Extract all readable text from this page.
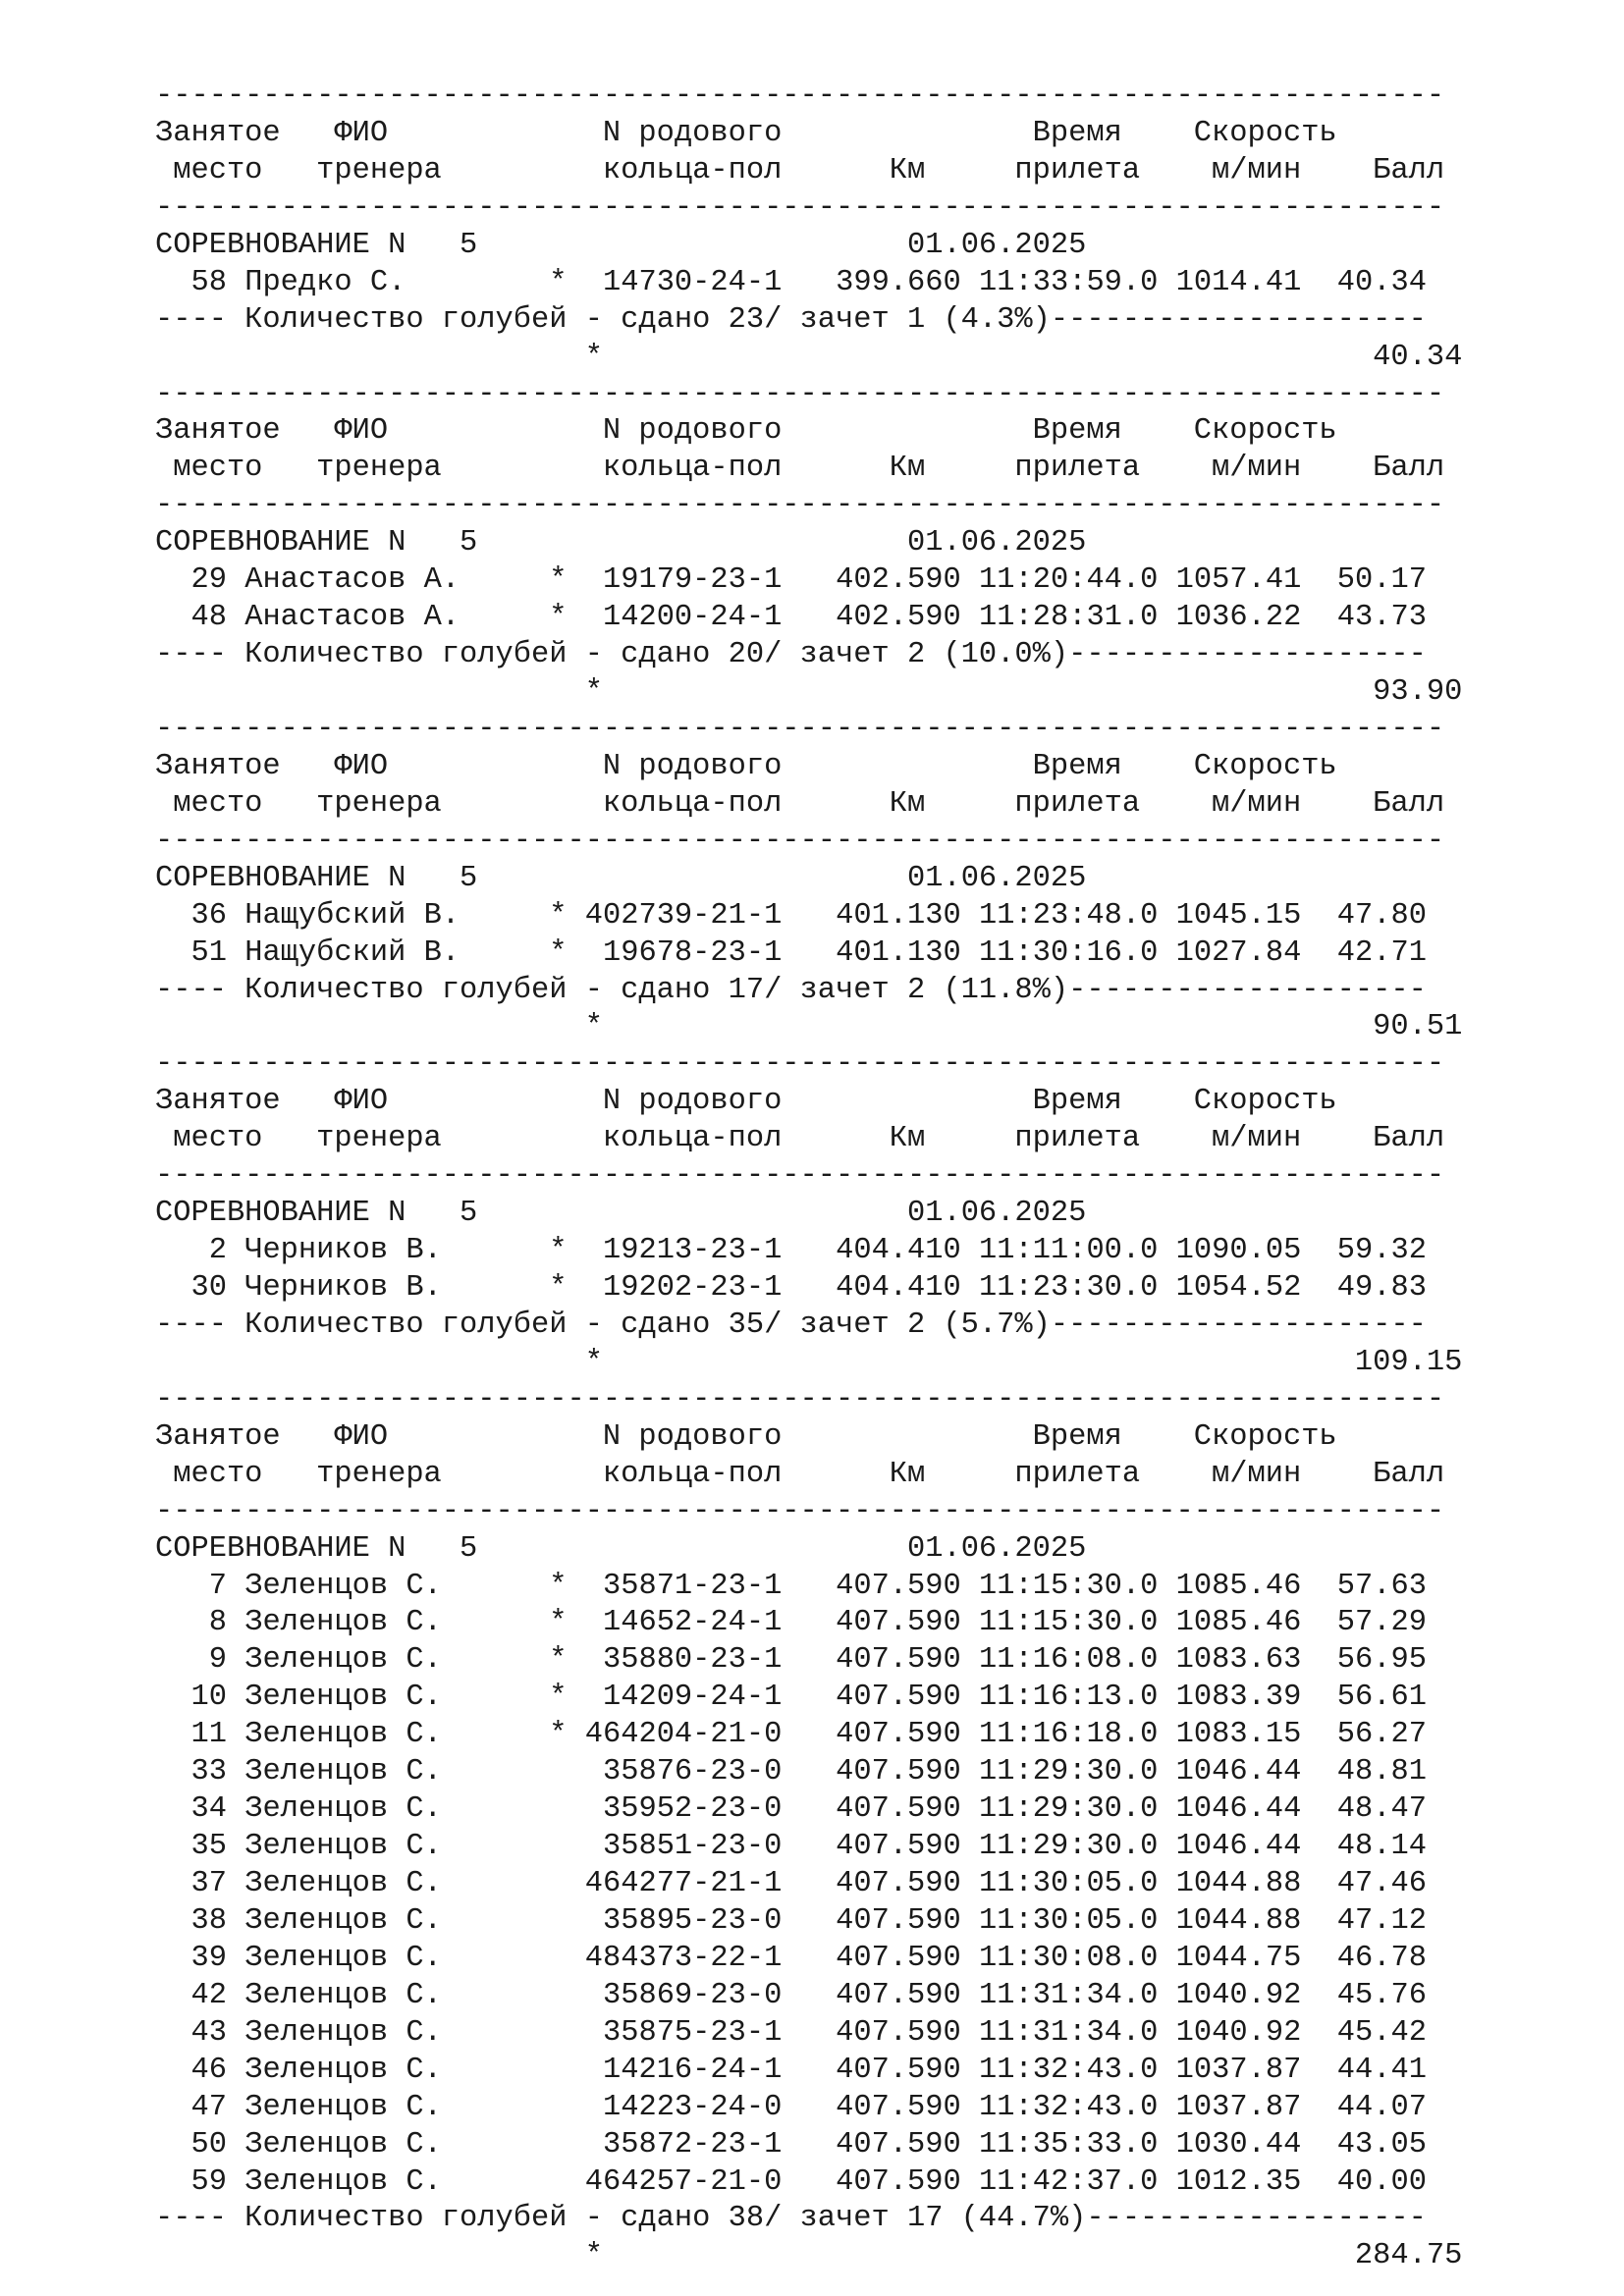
------------------------------------------------------------------------
Занятое   ФИО            N родового              Время    Скорость
место   тренера         кольца-пол      Км     прилета    м/мин    Балл
------------------------------------------------------------------------
СОРЕВНОВАНИЕ N   5	01.06.2025
58 Предко С.        *  14730-24-1   399.660 11:33:59.0 1014.41 40.34
---- Количество голубей - сдано 23/ зачет 1 (4.3%)---------------------
*                                           40.34
------------------------------------------------------------------------
Занятое   ФИО            N родового              Время    Скорость
место   тренера         кольца-пол      Км     прилета    м/мин    Балл
------------------------------------------------------------------------
СОРЕВНОВАНИЕ N   5	01.06.2025
29 Анастасов А.     *  19179-23-1   402.590 11:20:44.0 1057.41 50.17
48 Анастасов А.     *  14200-24-1   402.590 11:28:31.0 1036.22 43.73
---- Количество голубей - сдано 20/ зачет 2 (10.0%)--------------------
*                                           93.90
------------------------------------------------------------------------
Занятое   ФИО            N родового              Время    Скорость
место   тренера         кольца-пол      Км     прилета    м/мин    Балл
------------------------------------------------------------------------
СОРЕВНОВАНИЕ N   5	01.06.2025
36 Нащубский В.     * 402739-21-1   401.130 11:23:48.0 1045.15 47.80
51 Нащубский В.     *  19678-23-1   401.130 11:30:16.0 1027.84 42.71
---- Количество голубей - сдано 17/ зачет 2 (11.8%)--------------------
*                                           90.51
------------------------------------------------------------------------
Занятое   ФИО            N родового              Время    Скорость
место   тренера         кольца-пол      Км     прилета    м/мин    Балл
------------------------------------------------------------------------
СОРЕВНОВАНИЕ N   5	01.06.2025
2 Черников В.      *  19213-23-1   404.410 11:11:00.0 1090.05 59.32
30 Черников В.      *  19202-23-1   404.410 11:23:30.0 1054.52 49.83
---- Количество голубей - сдано 35/ зачет 2 (5.7%)---------------------
*                                          109.15
------------------------------------------------------------------------
Занятое   ФИО            N родового              Время    Скорость
место   тренера         кольца-пол      Км     прилета    м/мин    Балл
------------------------------------------------------------------------
СОРЕВНОВАНИЕ N   5	01.06.2025
7 Зеленцов С.      *  35871-23-1   407.590 11:15:30.0 1085.46 57.63
8 Зеленцов С.      *  14652-24-1   407.590 11:15:30.0 1085.46 57.29
9 Зеленцов С.      *  35880-23-1   407.590 11:16:08.0 1083.63 56.95
10 Зеленцов С.      *  14209-24-1   407.590 11:16:13.0 1083.39 56.61
11 Зеленцов С.      * 464204-21-0   407.590 11:16:18.0 1083.15 56.27
33 Зеленцов С.	35876-23-0   407.590 11:29:30.0 1046.44 48.81
34 Зеленцов С.	35952-23-0   407.590 11:29:30.0 1046.44 48.47
35 Зеленцов С.	35851-23-0   407.590 11:29:30.0 1046.44 48.14
37 Зеленцов С.	464277-21-1   407.590 11:30:05.0 1044.88 47.46
38 Зеленцов С.	35895-23-0   407.590 11:30:05.0 1044.88 47.12
39 Зеленцов С.	484373-22-1   407.590 11:30:08.0 1044.75 46.78
42 Зеленцов С.	35869-23-0   407.590 11:31:34.0 1040.92 45.76
43 Зеленцов С.	35875-23-1   407.590 11:31:34.0 1040.92 45.42
46 Зеленцов С.	14216-24-1   407.590 11:32:43.0 1037.87 44.41
47 Зеленцов С.	14223-24-0   407.590 11:32:43.0 1037.87 44.07
50 Зеленцов С.	35872-23-1   407.590 11:35:33.0 1030.44 43.05
59 Зеленцов С.	464257-21-0   407.590 11:42:37.0 1012.35 40.00
---- Количество голубей - сдано 38/ зачет 17 (44.7%)-------------------
*                                          284.75
